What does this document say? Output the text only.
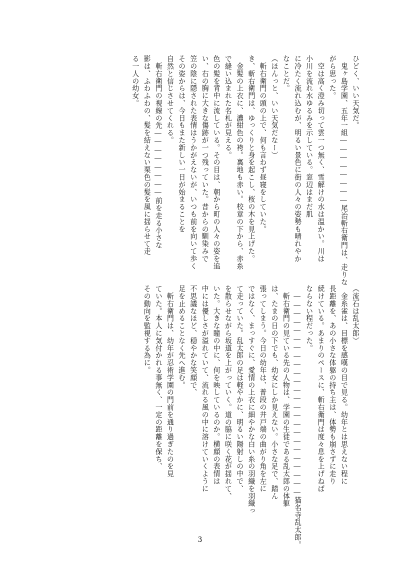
ひどく、いい天気だ。
　鬼ヶ島学園、五年一組――――――――尾治斬右衛門は、走りな
がら思った。
　空は高く澄み切って雲一つ無く、雪解けの水は温かい。川は
小川を流れ水ゆるみを示している。窓辺はまだ肌
に冷たく流れ込むが、明るい景色に街の人々の姿勢も晴れやか
なことだ。
（ほんっと、いい天気だなー）
　斬右衛門の頭の上で、何も言わず昼寝をしていた。
き、斬右衛門は、ゆっくりと身を起こし、桜の木を見上げた。
　金髪の上衣に、濃紺色の袴。裏地も赤い。校章の下から、赤糸
で縫い込まれた名札が見える。
色の髪を背中に流している。その目は、朝から町の人々の姿を追
い、右の胸に大きな傷跡が一つ残っていた。昔からの馴染みで
笠の陰に隠された表情はうかがえないが、いつも前を向いて歩く
その姿からは、今日もまた新しい一日が始まることを
自然と信じさせてくれる。
　斬右衛門の視線の先――――――――前を走る小さな
影は、ふわふわの、髪を結えない栗色の髪を風に揺らせて走
る一人の幼女。
（流石は乱太郎）
　金糸雀は、目標を感嘆の目で見る。幼年とは思えない程に
長距離を、あの小さな体躯の持ち主は、体勢も崩さずに走り
続けている。あまりのペースに、斬右衛門は度々息を上げねば
ならない程だった。
　――――――――――――――――――――――――猫名寺乱太郎。
　斬右衛門の見ている先の人物は、学園の生徒である乱太郎の体躯
は、たまの日の下でも、幼女にしか見えない。小さな足で、踏ん
張ってしまう。今日の幼年は、普段の井戸端の曲がり角を左に
ではなく、まっすぐに、愛情の上衣に細やかな白い糸の羽織を羽織っ
て走っていた。乱太郎の足は軽やかに、明るい陽射しの中で、
を散らせながら坂道を上がっていく。道の脇に咲く花が揺れて、
いた。大きな瞳の中に、何を映しているのか。横顔の表情は
中には優しさが溢れていて、流れる風の中に溶けていくように
不思議なほど、穏やかな笑顔で、
足を止めることなく先へ進む。
　斬右衛門は、幼年が忍術学園の門前を通り過ぎたのを見
ていた。本人に気付かれる事無く、一定の距離を保ち、
その動向を監視する為に。
3
